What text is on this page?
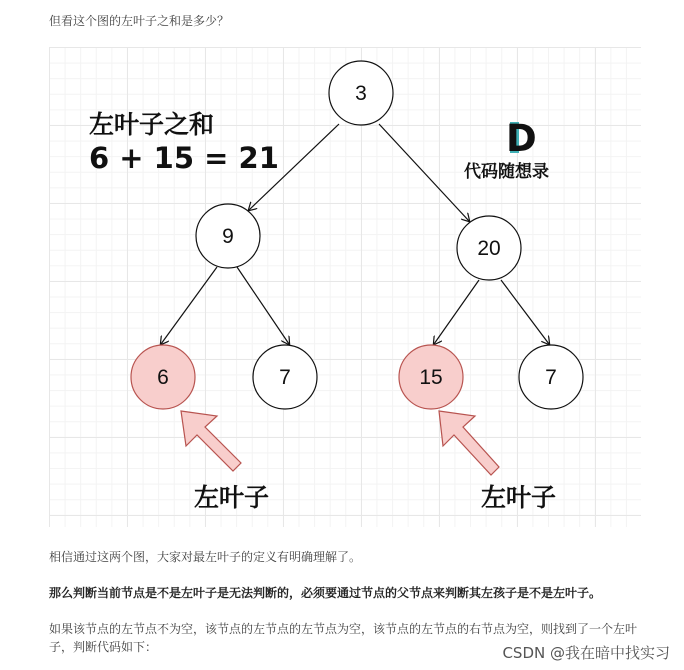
但看这个图的左叶子之和是多少？
3
9
20
6	7	15	7
左叶子之和
6 + 15 = 21	D
代码随想录
左叶子	左叶子
相信通过这两个图，大家对最左叶子的定义有明确理解了。
那么判断当前节点是不是左叶子是无法判断的，必须要通过节点的父节点来判断其左孩子是不是左叶子。
如果该节点的左节点不为空，该节点的左节点的左节点为空，该节点的左节点的右节点为空，则找到了一个左叶子，判断代码如下：	CSDN @我在暗中找实习
